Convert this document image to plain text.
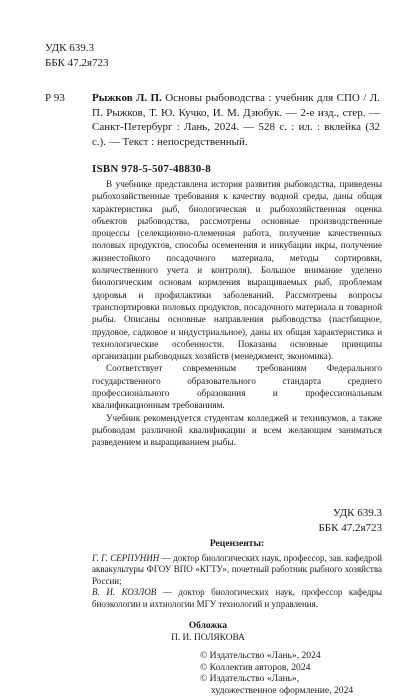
УДК 639.3
ББК 47.2я723
Р 93	Рыжков Л. П. Основы рыбоводства : учебник для СПО / Л. П. Рыжков, Т. Ю. Кучко, И. М. Дзюбук. — 2-е изд., стер. — Санкт-Петербург : Лань, 2024. — 528 с. : ил. : вклейка (32 с.). — Текст : непосредственный.
ISBN 978-5-507-48830-8

В учебнике представлена история развития рыбоводства, приведены рыбохозяйственные требования к качеству водной среды, даны общая характеристика рыб, биологическая и рыбохозяйственная оценка объектов рыбоводства, рассмотрены основные производственные процессы (селекционно-племенная работа, получение качественных половых продуктов, способы осеменения и инкубации икры, получение жизнестойкого посадочного материала, методы сортировки, количественного учета и контроля). Большое внимание уделено биологическим основам кормления выращиваемых рыб, проблемам здоровья и профилактики заболеваний. Рассмотрены вопросы транспортировки половых продуктов, посадочного материала и товарной рыбы. Описаны основные направления рыбоводства (пастбищное, прудовое, садковое и индустриальное), даны их общая характеристика и технологические особенности. Показаны основные принципы организации рыбоводных хозяйств (менеджмент, экономика).

Соответствует современным требованиям Федерального государственного образовательного стандарта среднего профессионального образования и профессиональным квалификационным требованиям.

Учебник рекомендуется студентам колледжей и техникумов, а также рыбоводам различной квалификации и всем желающим заниматься разведением и выращиванием рыбы.

УДК 639.3
ББК 47.2я723
Рецензенты:

Г. Г. СЕРПУНИН — доктор биологических наук, профессор, зав. кафедрой аквакультуры ФГОУ ВПО «КГТУ», почетный работник рыбного хозяйства России;

В. И. КОЗЛОВ — доктор биологических наук, профессор кафедры биоэкологии и ихтиологии МГУ технологий и управления.

Обложка
П. И. ПОЛЯКОВА
© Издательство «Лань», 2024
© Коллектив авторов, 2024
© Издательство «Лань»,
художественное оформление, 2024
